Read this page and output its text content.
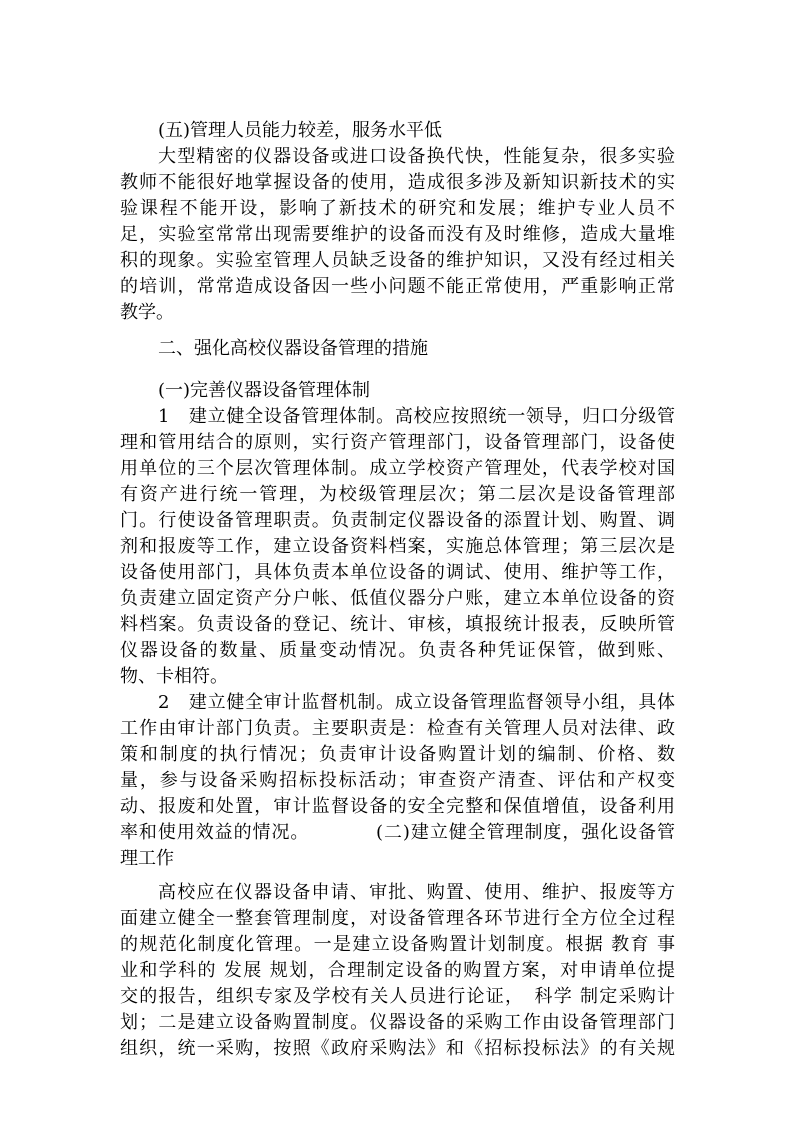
(五)管理人员能力较差，服务水平低
大型精密的仪器设备或进口设备换代快，性能复杂，很多实验
教师不能很好地掌握设备的使用，造成很多涉及新知识新技术的实
验课程不能开设，影响了新技术的研究和发展；维护专业人员不
足，实验室常常出现需要维护的设备而没有及时维修，造成大量堆
积的现象。实验室管理人员缺乏设备的维护知识，又没有经过相关
的培训，常常造成设备因一些小问题不能正常使用，严重影响正常
教学。
二、强化高校仪器设备管理的措施
(一)完善仪器设备管理体制
1　建立健全设备管理体制。高校应按照统一领导，归口分级管
理和管用结合的原则，实行资产管理部门，设备管理部门，设备使
用单位的三个层次管理体制。成立学校资产管理处，代表学校对国
有资产进行统一管理，为校级管理层次；第二层次是设备管理部
门。行使设备管理职责。负责制定仪器设备的添置计划、购置、调
剂和报废等工作，建立设备资料档案，实施总体管理；第三层次是
设备使用部门，具体负责本单位设备的调试、使用、维护等工作，
负责建立固定资产分户帐、低值仪器分户账，建立本单位设备的资
料档案。负责设备的登记、统计、审核，填报统计报表，反映所管
仪器设备的数量、质量变动情况。负责各种凭证保管，做到账、
物、卡相符。
2　建立健全审计监督机制。成立设备管理监督领导小组，具体
工作由审计部门负责。主要职责是：检查有关管理人员对法律、政
策和制度的执行情况；负责审计设备购置计划的编制、价格、数
量，参与设备采购招标投标活动；审查资产清查、评估和产权变
动、报废和处置，审计监督设备的安全完整和保值增值，设备利用
率和使用效益的情况。　　　　(二)建立健全管理制度，强化设备管
理工作
高校应在仪器设备申请、审批、购置、使用、维护、报废等方
面建立健全一整套管理制度，对设备管理各环节进行全方位全过程
的规范化制度化管理。一是建立设备购置计划制度。根据 教育 事
业和学科的 发展 规划，合理制定设备的购置方案，对申请单位提
交的报告，组织专家及学校有关人员进行论证，　科学 制定采购计
划；二是建立设备购置制度。仪器设备的采购工作由设备管理部门
组织，统一采购，按照《政府采购法》和《招标投标法》的有关规
